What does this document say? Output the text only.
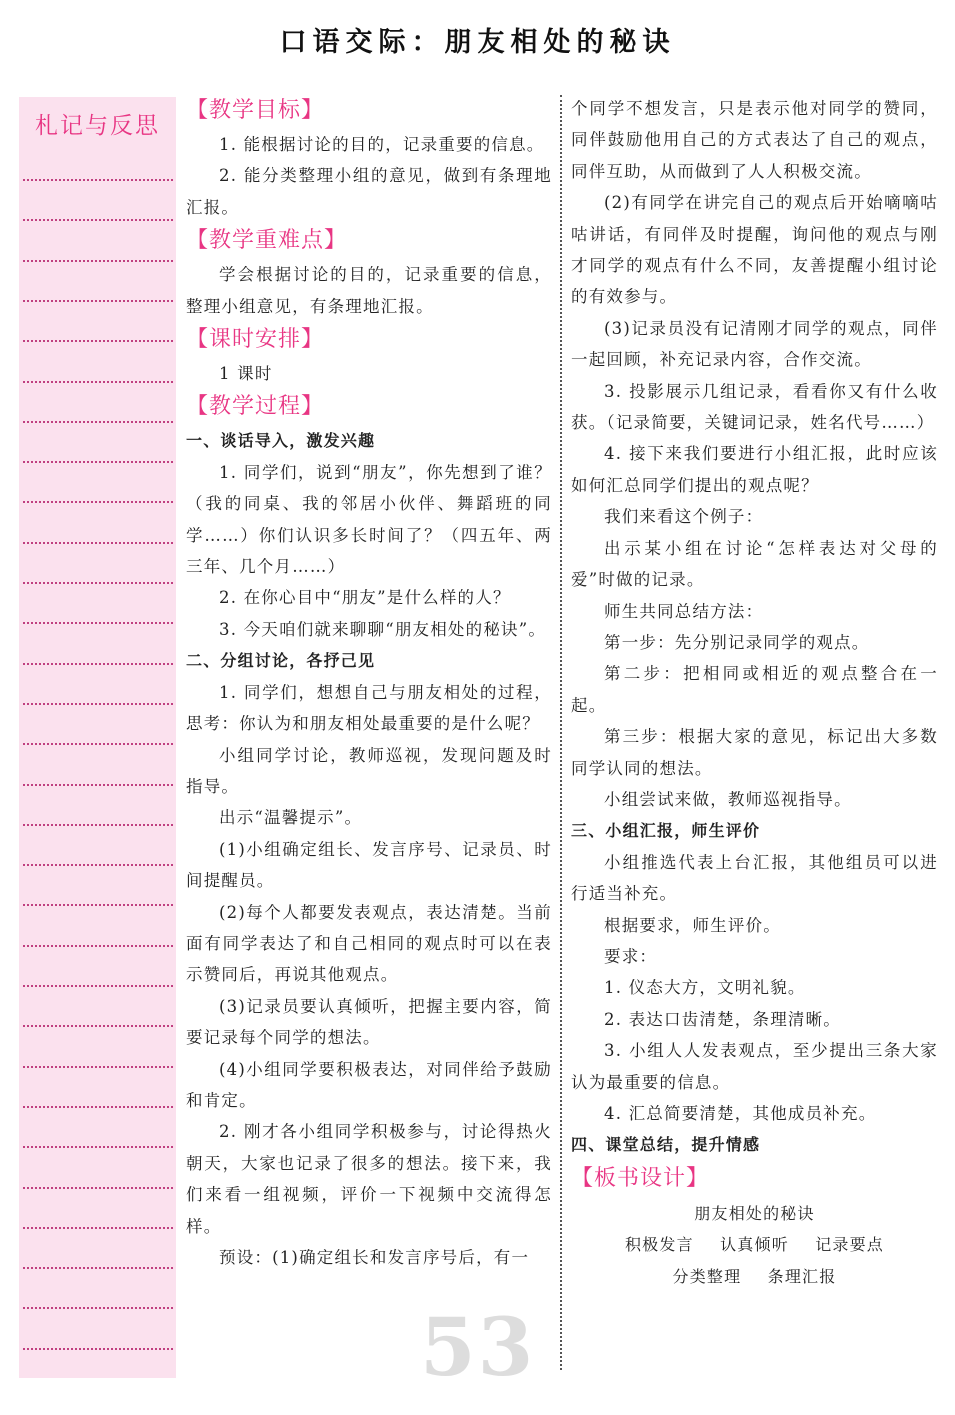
口语交际：朋友相处的秘诀
札记与反思

【教学目标】

1. 能根据讨论的目的，记录重要的信息。

2. 能分类整理小组的意见，做到有条理地汇报。

【教学重难点】

学会根据讨论的目的，记录重要的信息，整理小组意见，有条理地汇报。

【课时安排】

1 课时

【教学过程】

一、谈话导入，激发兴趣

1. 同学们，说到“朋友”，你先想到了谁？（我的同桌、我的邻居小伙伴、舞蹈班的同学……）你们认识多长时间了？（四五年、两三年、几个月……）

2. 在你心目中“朋友”是什么样的人？

3. 今天咱们就来聊聊“朋友相处的秘诀”。

二、分组讨论，各抒己见

1. 同学们，想想自己与朋友相处的过程，思考：你认为和朋友相处最重要的是什么呢？

小组同学讨论，教师巡视，发现问题及时指导。

出示“温馨提示”。

(1)小组确定组长、发言序号、记录员、时间提醒员。

(2)每个人都要发表观点，表达清楚。当前面有同学表达了和自己相同的观点时可以在表示赞同后，再说其他观点。

(3)记录员要认真倾听，把握主要内容，简要记录每个同学的想法。

(4)小组同学要积极表达，对同伴给予鼓励和肯定。

2. 刚才各小组同学积极参与，讨论得热火朝天，大家也记录了很多的想法。接下来，我们来看一组视频，评价一下视频中交流得怎样。

预设：(1)确定组长和发言序号后，有一

个同学不想发言，只是表示他对同学的赞同，同伴鼓励他用自己的方式表达了自己的观点，同伴互助，从而做到了人人积极交流。

(2)有同学在讲完自己的观点后开始嘀嘀咕咕讲话，有同伴及时提醒，询问他的观点与刚才同学的观点有什么不同，友善提醒小组讨论的有效参与。

(3)记录员没有记清刚才同学的观点，同伴一起回顾，补充记录内容，合作交流。

3. 投影展示几组记录，看看你又有什么收获。（记录简要，关键词记录，姓名代号……）

4. 接下来我们要进行小组汇报，此时应该如何汇总同学们提出的观点呢？

我们来看这个例子：

出示某小组在讨论“怎样表达对父母的爱”时做的记录。

师生共同总结方法：

第一步：先分别记录同学的观点。

第二步：把相同或相近的观点整合在一起。

第三步：根据大家的意见，标记出大多数同学认同的想法。

小组尝试来做，教师巡视指导。

三、小组汇报，师生评价

小组推选代表上台汇报，其他组员可以进行适当补充。

根据要求，师生评价。

要求：

1. 仪态大方，文明礼貌。

2. 表达口齿清楚，条理清晰。

3. 小组人人发表观点，至少提出三条大家认为最重要的信息。

4. 汇总简要清楚，其他成员补充。

四、课堂总结，提升情感

【板书设计】

朋友相处的秘诀
积极发言 认真倾听 记录要点
分类整理 条理汇报
53
